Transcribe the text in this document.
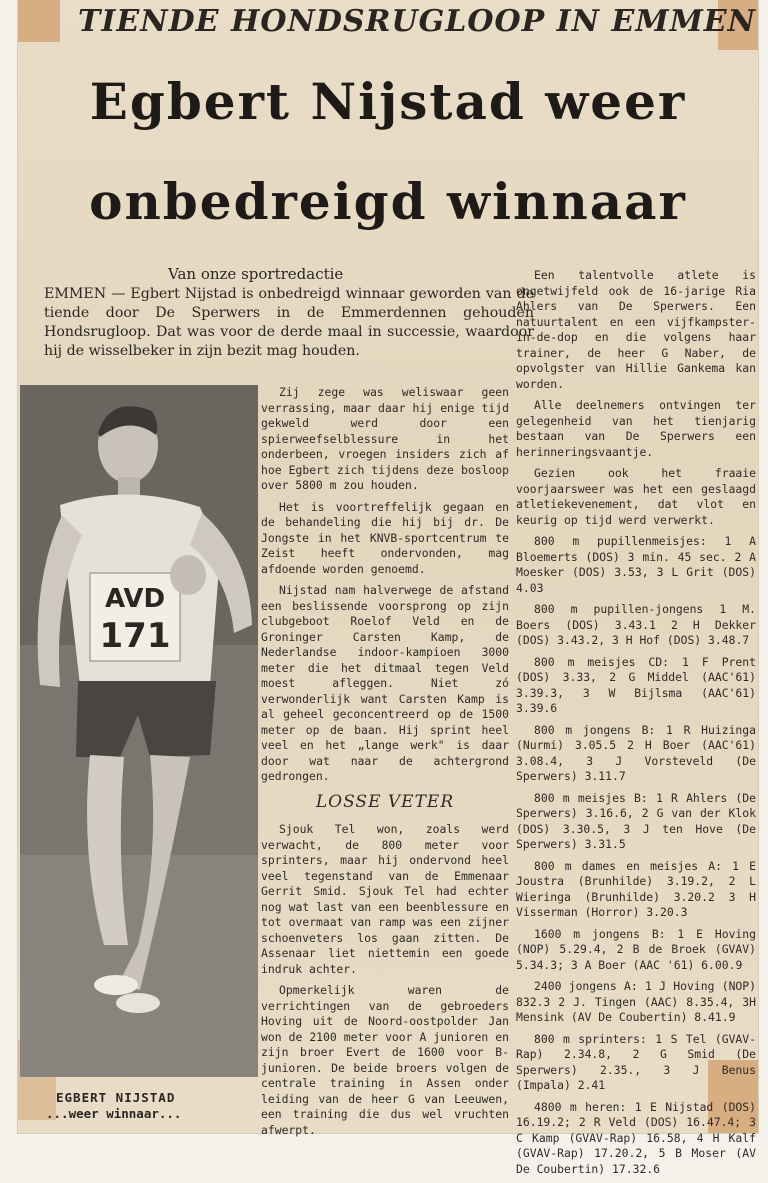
TIENDE HONDSRUGLOOP IN EMMEN
Egbert Nijstad weer
onbedreigd winnaar
Van onze sportredactie
EMMEN — Egbert Nijstad is onbedreigd winnaar geworden van de tiende door De Sperwers in de Emmerdennen gehouden Hondsrugloop. Dat was voor de derde maal in successie, waardoor hij de wisselbeker in zijn bezit mag houden.
AVD
171
EGBERT NIJSTAD
...weer winnaar...

Zij zege was weliswaar geen verrassing, maar daar hij enige tijd gekweld werd door een spierweefselblessure in het onderbeen, vroegen insiders zich af hoe Egbert zich tijdens deze bosloop over 5800 m zou houden.

Het is voortreffelijk gegaan en de behandeling die hij bij dr. De Jongste in het KNVB-sportcentrum te Zeist heeft ondervonden, mag afdoende worden genoemd.

Nijstad nam halverwege de afstand een beslissende voorsprong op zijn clubgeboot Roelof Veld en de Groninger Carsten Kamp, de Nederlandse indoor-kampioen 3000 meter die het ditmaal tegen Veld moest afleggen. Niet zó verwonderlijk want Carsten Kamp is al geheel geconcentreerd op de 1500 meter op de baan. Hij sprint heel veel en het „lange werk" is daar door wat naar de achtergrond gedrongen.

LOSSE VETER

Sjouk Tel won, zoals werd verwacht, de 800 meter voor sprinters, maar hij ondervond heel veel tegenstand van de Emmenaar Gerrit Smid. Sjouk Tel had echter nog wat last van een beenblessure en tot overmaat van ramp was een zijner schoenveters los gaan zitten. De Assenaar liet niettemin een goede indruk achter.

Opmerkelijk waren de verrichtingen van de gebroeders Hoving uit de Noord-oostpolder Jan won de 2100 meter voor A junioren en zijn broer Evert de 1600 voor B-junioren. De beide broers volgen de centrale training in Assen onder leiding van de heer G van Leeuwen, een training die dus wel vruchten afwerpt.

Een talentvolle atlete is ongetwijfeld ook de 16-jarige Ria Ahlers van De Sperwers. Een natuurtalent en een vijfkampster-in-de-dop en die volgens haar trainer, de heer G Naber, de opvolgster van Hillie Gankema kan worden.

Alle deelnemers ontvingen ter gelegenheid van het tienjarig bestaan van De Sperwers een herinneringsvaantje.

Gezien ook het fraaie voorjaarsweer was het een geslaagd atletiekevenement, dat vlot en keurig op tijd werd verwerkt.

800 m pupillenmeisjes: 1 A Bloemerts (DOS) 3 min. 45 sec. 2 A Moesker (DOS) 3.53, 3 L Grit (DOS) 4.03

800 m pupillen-jongens 1 M. Boers (DOS) 3.43.1 2 H Dekker (DOS) 3.43.2, 3 H Hof (DOS) 3.48.7

800 m meisjes CD: 1 F Prent (DOS) 3.33, 2 G Middel (AAC'61) 3.39.3, 3 W Bijlsma (AAC'61) 3.39.6

800 m jongens B: 1 R Huizinga (Nurmi) 3.05.5 2 H Boer (AAC'61) 3.08.4, 3 J Vorsteveld (De Sperwers) 3.11.7

800 m meisjes B: 1 R Ahlers (De Sperwers) 3.16.6, 2 G van der Klok (DOS) 3.30.5, 3 J ten Hove (De Sperwers) 3.31.5

800 m dames en meisjes A: 1 E Joustra (Brunhilde) 3.19.2, 2 L Wieringa (Brunhilde) 3.20.2 3 H Visserman (Horror) 3.20.3

1600 m jongens B: 1 E Hoving (NOP) 5.29.4, 2 B de Broek (GVAV) 5.34.3; 3 A Boer (AAC '61) 6.00.9

2400 jongens A: 1 J Hoving (NOP) 832.3 2 J. Tingen (AAC) 8.35.4, 3H Mensink (AV De Coubertin) 8.41.9

800 m sprinters: 1 S Tel (GVAV-Rap) 2.34.8, 2 G Smid (De Sperwers) 2.35., 3 J Benus (Impala) 2.41

4800 m heren: 1 E Nijstad (DOS) 16.19.2; 2 R Veld (DOS) 16.47.4; 3 C Kamp (GVAV-Rap) 16.58, 4 H Kalf (GVAV-Rap) 17.20.2, 5 B Moser (AV De Coubertin) 17.32.6
